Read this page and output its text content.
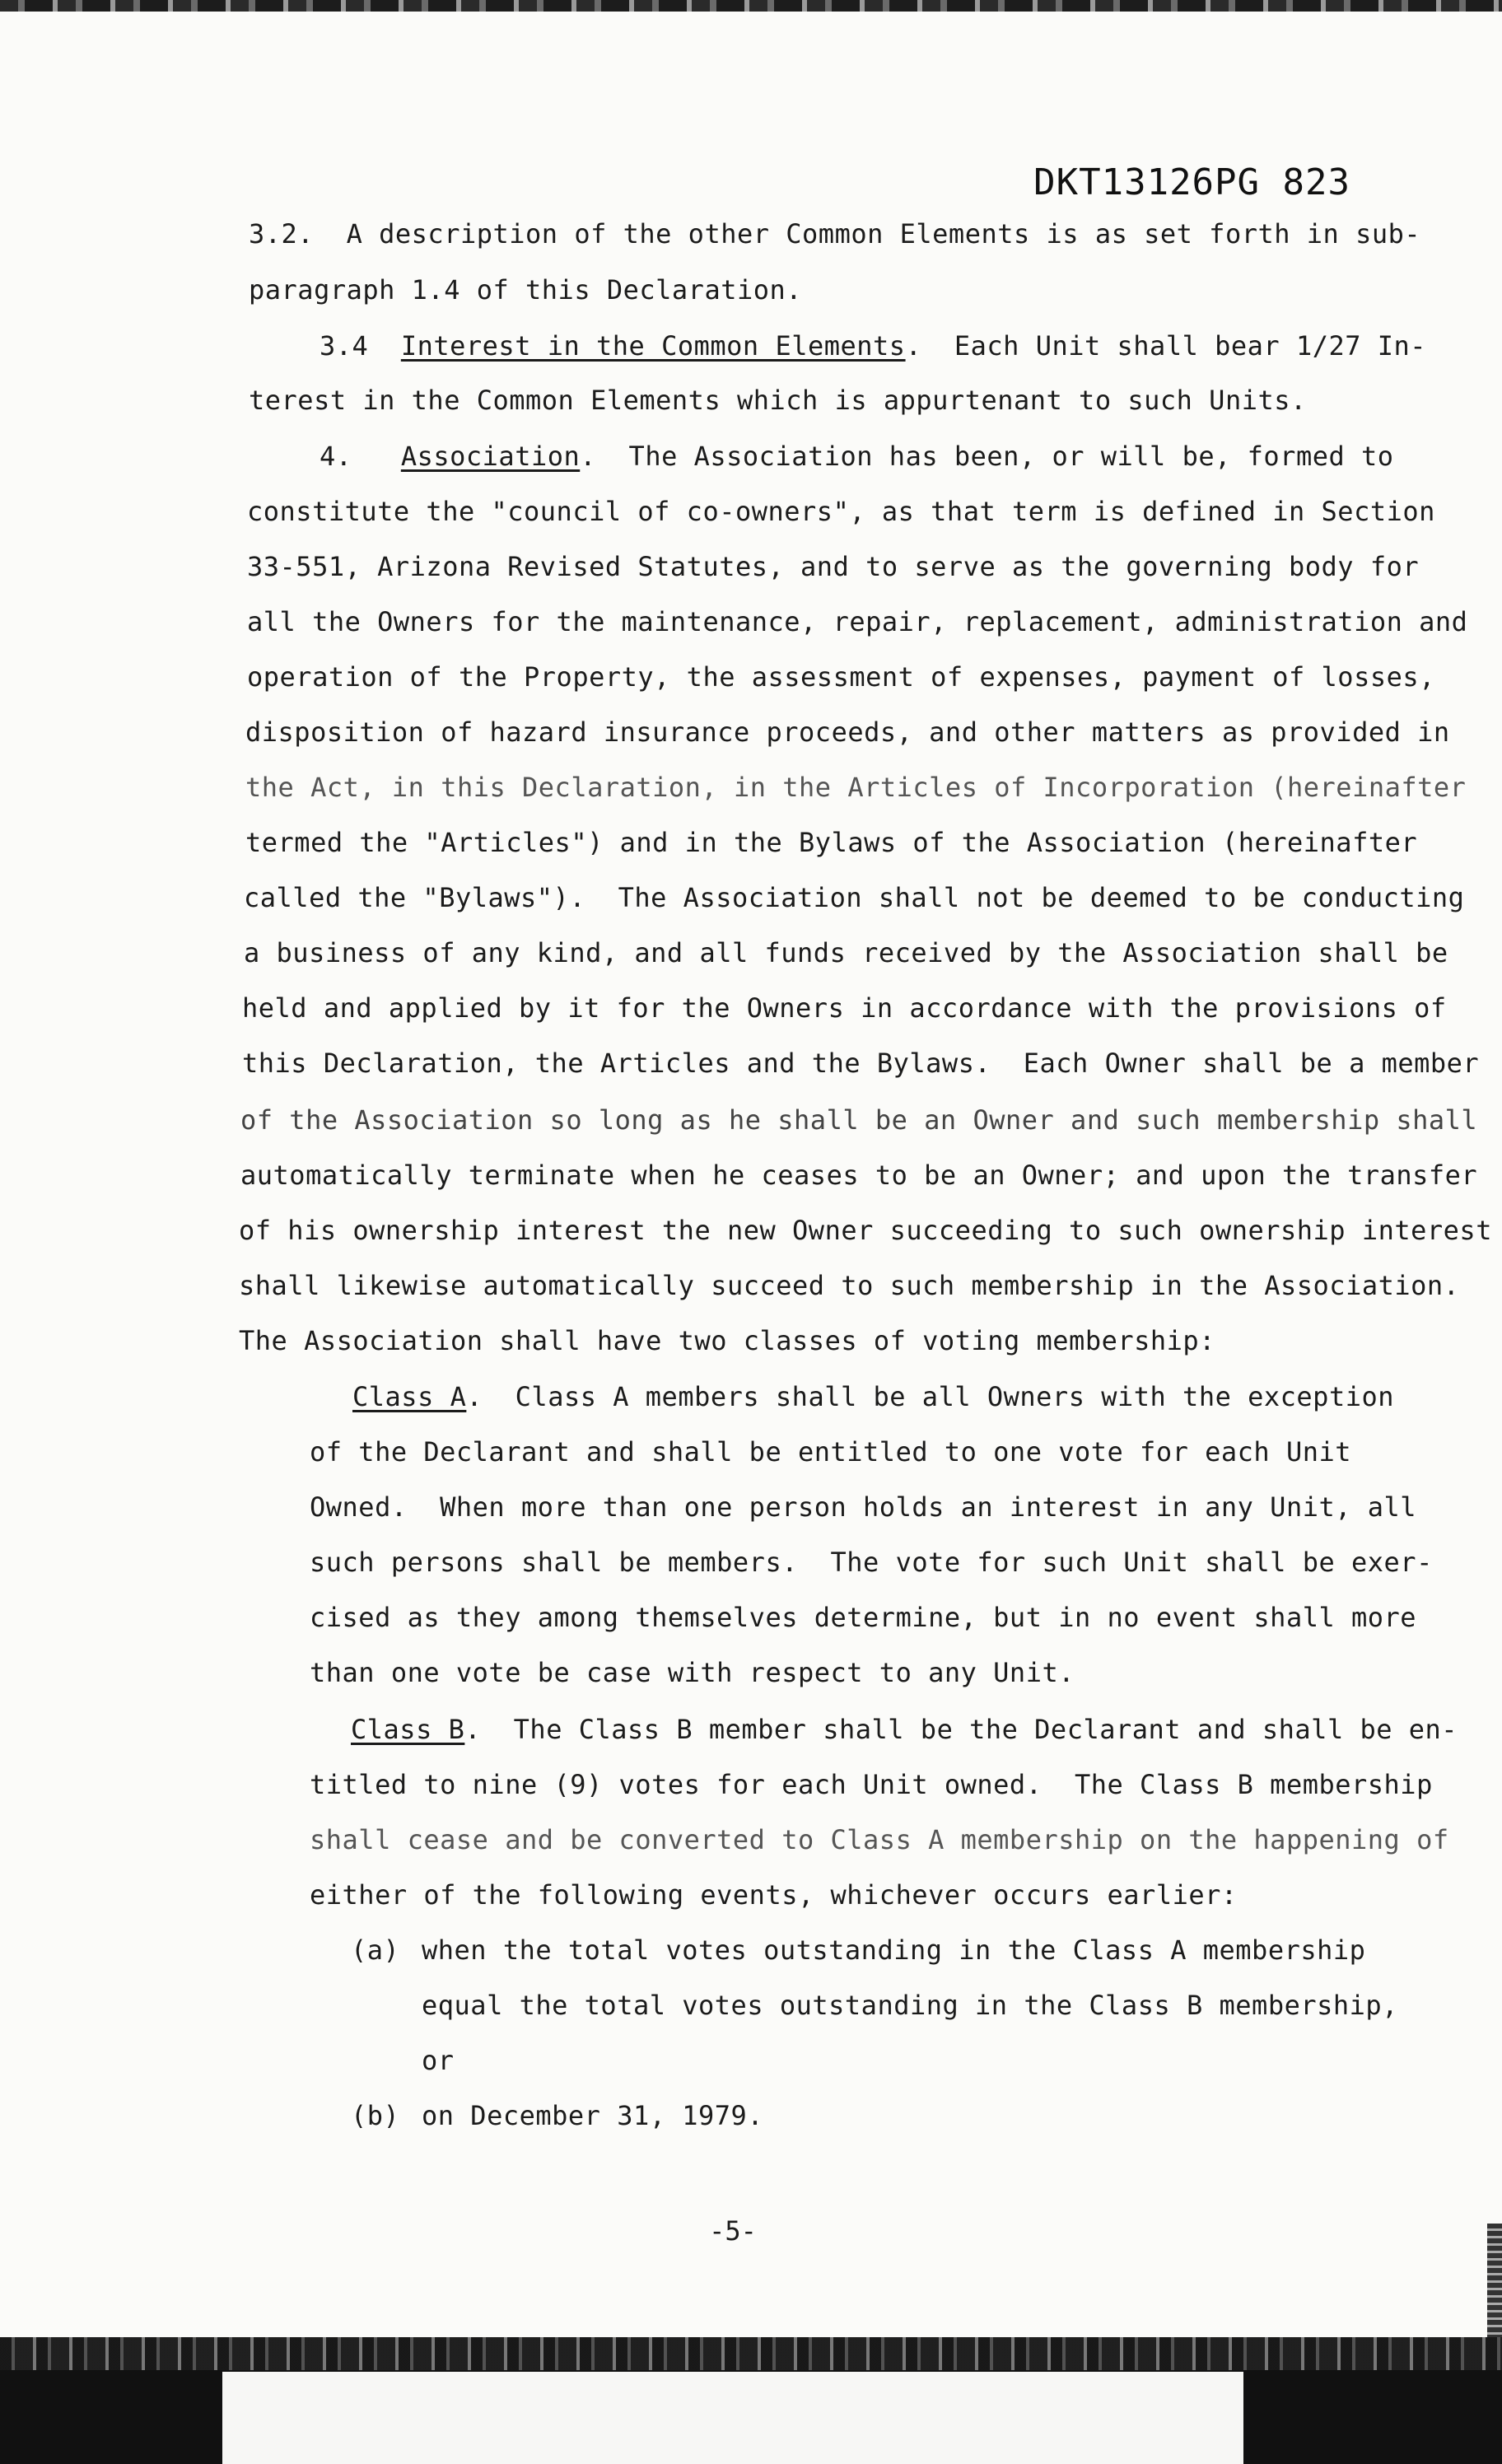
DKT13126PG 823
3.2.  A description of the other Common Elements is as set forth in sub-
paragraph 1.4 of this Declaration.
3.4 Interest in the Common Elements.  Each Unit shall bear 1/27 In-
terest in the Common Elements which is appurtenant to such Units.
4. Association.  The Association has been, or will be, formed to
constitute the "council of co-owners", as that term is defined in Section
33-551, Arizona Revised Statutes, and to serve as the governing body for
all the Owners for the maintenance, repair, replacement, administration and
operation of the Property, the assessment of expenses, payment of losses,
disposition of hazard insurance proceeds, and other matters as provided in
the Act, in this Declaration, in the Articles of Incorporation (hereinafter
termed the "Articles") and in the Bylaws of the Association (hereinafter
called the "Bylaws").  The Association shall not be deemed to be conducting
a business of any kind, and all funds received by the Association shall be
held and applied by it for the Owners in accordance with the provisions of
this Declaration, the Articles and the Bylaws.  Each Owner shall be a member
of the Association so long as he shall be an Owner and such membership shall
automatically terminate when he ceases to be an Owner; and upon the transfer
of his ownership interest the new Owner succeeding to such ownership interest
shall likewise automatically succeed to such membership in the Association.
The Association shall have two classes of voting membership:
Class A.  Class A members shall be all Owners with the exception
of the Declarant and shall be entitled to one vote for each Unit
Owned.  When more than one person holds an interest in any Unit, all
such persons shall be members.  The vote for such Unit shall be exer-
cised as they among themselves determine, but in no event shall more
than one vote be case with respect to any Unit.
Class B.  The Class B member shall be the Declarant and shall be en-
titled to nine (9) votes for each Unit owned.  The Class B membership
shall cease and be converted to Class A membership on the happening of
either of the following events, whichever occurs earlier:
(a) when the total votes outstanding in the Class A membership
equal the total votes outstanding in the Class B membership,
or
(b) on December 31, 1979.
-5-
